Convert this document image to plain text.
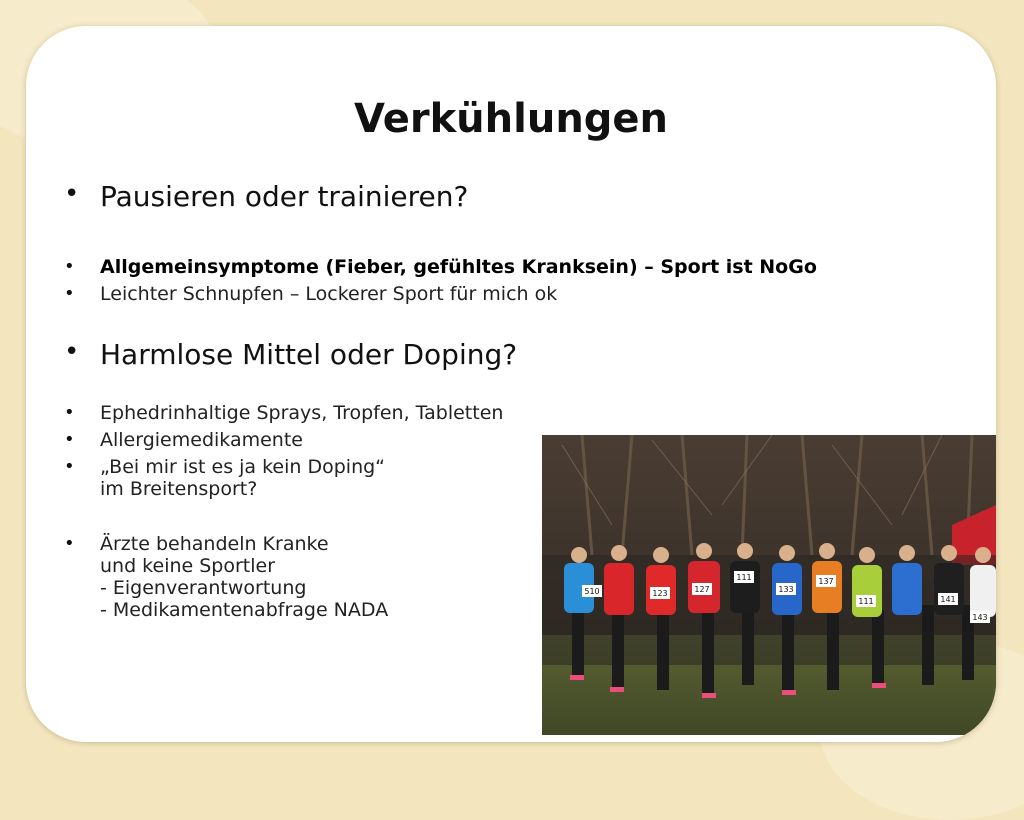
Verkühlungen
• Pausieren oder trainieren?
• Allgemeinsymptome (Fieber, gefühltes Kranksein) – Sport ist NoGo
• Leichter Schnupfen – Lockerer Sport für mich ok
• Harmlose Mittel oder Doping?
• Ephedrinhaltige Sprays, Tropfen, Tabletten
• Allergiemedikamente
• „Bei mir ist es ja kein Doping“
im Breitensport?
• Ärzte behandeln Kranke
und keine Sportler
- Eigenverantwortung
- Medikamentenabfrage NADA
510	123	127
111
133
137
111	141
143
